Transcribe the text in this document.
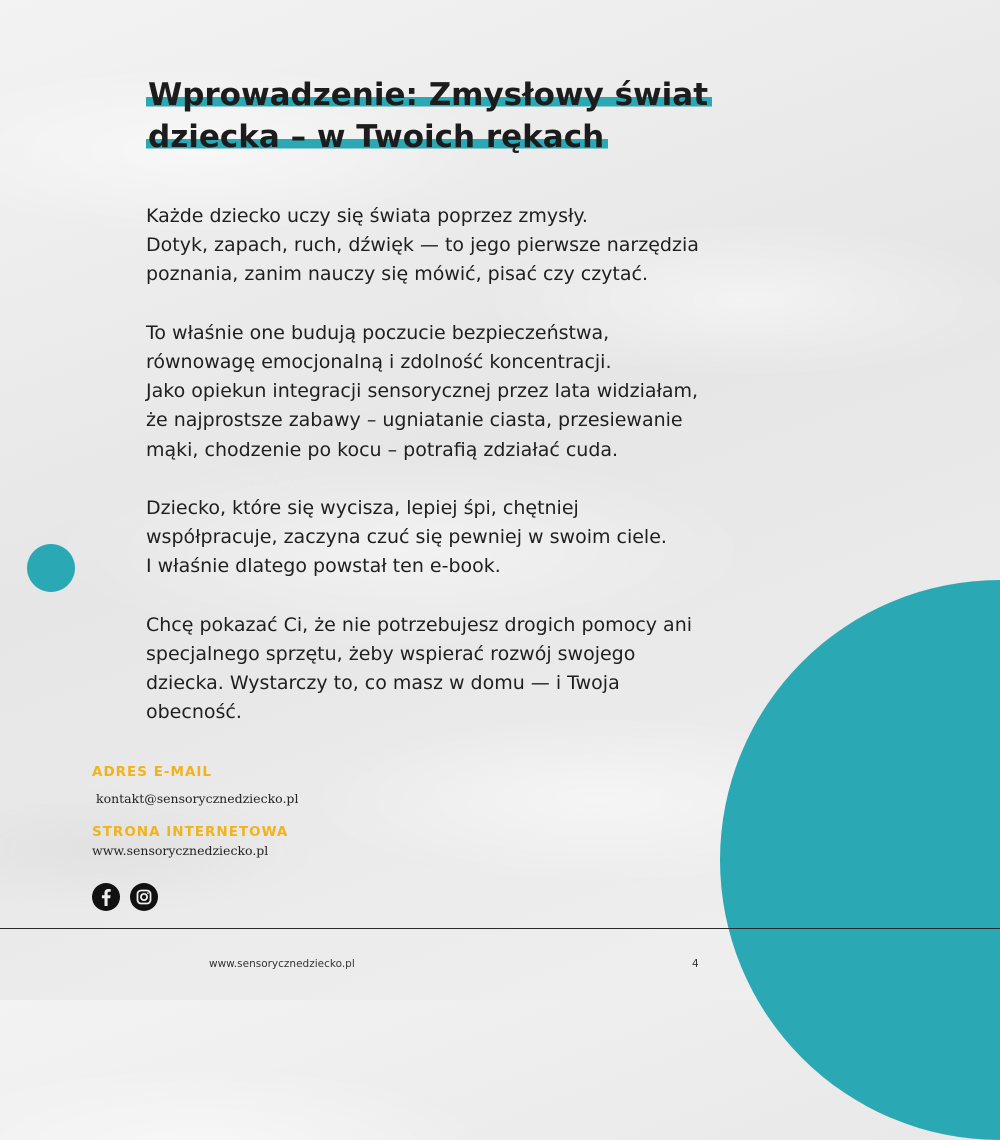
Wprowadzenie: Zmysłowy świat
dziecka – w Twoich rękach

Każde dziecko uczy się świata poprzez zmysły.
Dotyk, zapach, ruch, dźwięk — to jego pierwsze narzędzia
poznania, zanim nauczy się mówić, pisać czy czytać.

To właśnie one budują poczucie bezpieczeństwa,
równowagę emocjonalną i zdolność koncentracji.
Jako opiekun integracji sensorycznej przez lata widziałam,
że najprostsze zabawy – ugniatanie ciasta, przesiewanie
mąki, chodzenie po kocu – potrafią zdziałać cuda.

Dziecko, które się wycisza, lepiej śpi, chętniej
współpracuje, zaczyna czuć się pewniej w swoim ciele.
I właśnie dlatego powstał ten e-book.

Chcę pokazać Ci, że nie potrzebujesz drogich pomocy ani
specjalnego sprzętu, żeby wspierać rozwój swojego
dziecka. Wystarczy to, co masz w domu — i Twoja
obecność.

ADRES E-MAIL
kontakt@sensorycznedziecko.pl
STRONA INTERNETOWA
www.sensorycznedziecko.pl
www.sensorycznedziecko.pl	4
